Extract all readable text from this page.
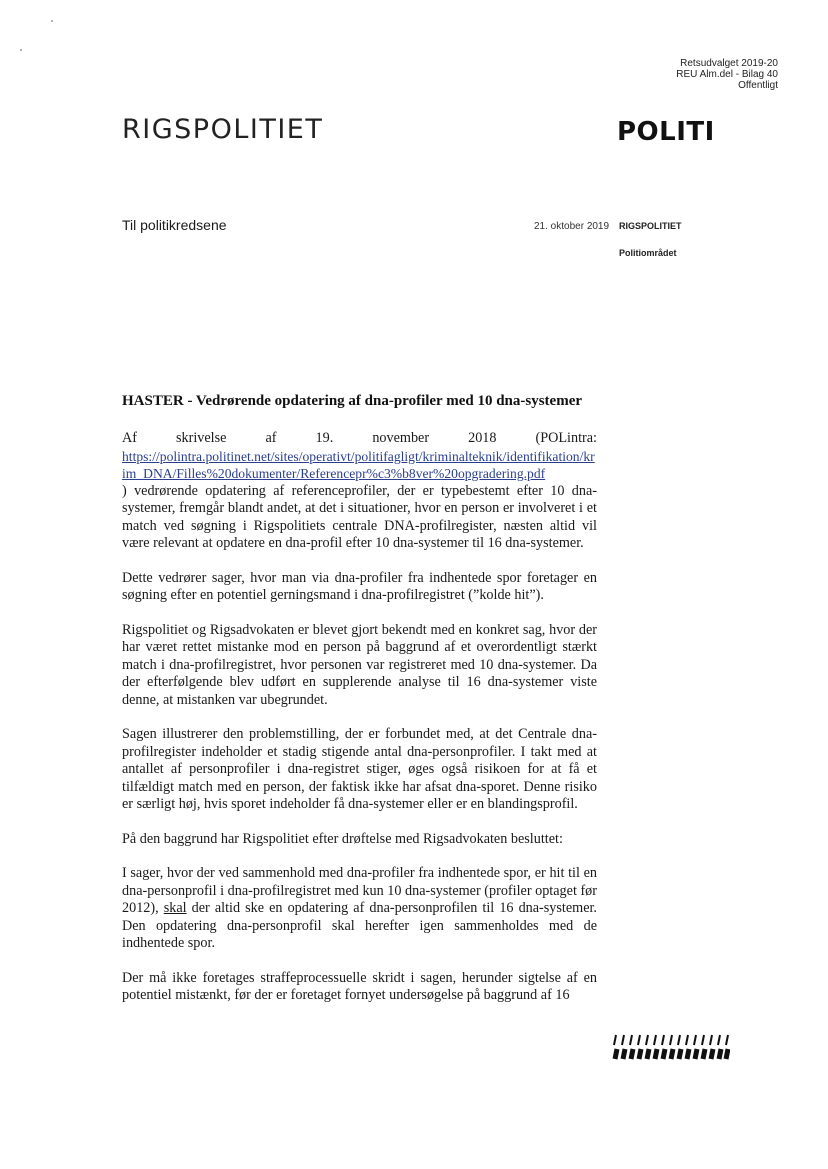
Retsudvalget 2019-20
REU Alm.del - Bilag 40
Offentligt
RIGSPOLITIET	POLITI
Til politikredsene	21. oktober 2019 RIGSPOLITIET
Politiområdet
HASTER - Vedrørende opdatering af dna-profiler med 10 dna-systemer

Af skrivelse af 19. november 2018 (POLintra:

https://polintra.politinet.net/sites/operativt/politifagligt/kriminalteknik/identifikation/krim_DNA/Filles%20dokumenter/Referencepr%c3%b8ver%20opgradering.pdf

) vedrørende opdatering af referenceprofiler, der er typebestemt efter 10 dna-systemer, fremgår blandt andet, at det i situationer, hvor en person er involveret i et match ved søgning i Rigspolitiets centrale DNA-profilregister, næsten altid vil være relevant at opdatere en dna-profil efter 10 dna-systemer til 16 dna-systemer.

Dette vedrører sager, hvor man via dna-profiler fra indhentede spor foretager en søgning efter en potentiel gerningsmand i dna-profilregistret (”kolde hit”).

Rigspolitiet og Rigsadvokaten er blevet gjort bekendt med en konkret sag, hvor der har været rettet mistanke mod en person på baggrund af et overordentligt stærkt match i dna-profilregistret, hvor personen var registreret med 10 dna-systemer. Da der efterfølgende blev udført en supplerende analyse til 16 dna-systemer viste denne, at mistanken var ubegrundet.

Sagen illustrerer den problemstilling, der er forbundet med, at det Centrale dna-profilregister indeholder et stadig stigende antal dna-personprofiler. I takt med at antallet af personprofiler i dna-registret stiger, øges også risikoen for at få et tilfældigt match med en person, der faktisk ikke har afsat dna-sporet. Denne risiko er særligt høj, hvis sporet indeholder få dna-systemer eller er en blandingsprofil.

På den baggrund har Rigspolitiet efter drøftelse med Rigsadvokaten besluttet:

I sager, hvor der ved sammenhold med dna-profiler fra indhentede spor, er hit til en dna-personprofil i dna-profilregistret med kun 10 dna-systemer (profiler optaget før 2012), skal der altid ske en opdatering af dna-personprofilen til 16 dna-systemer. Den opdatering dna-personprofil skal herefter igen sammenholdes med de indhentede spor.

Der må ikke foretages straffeprocessuelle skridt i sagen, herunder sigtelse af en potentiel mistænkt, før der er foretaget fornyet undersøgelse på baggrund af 16
